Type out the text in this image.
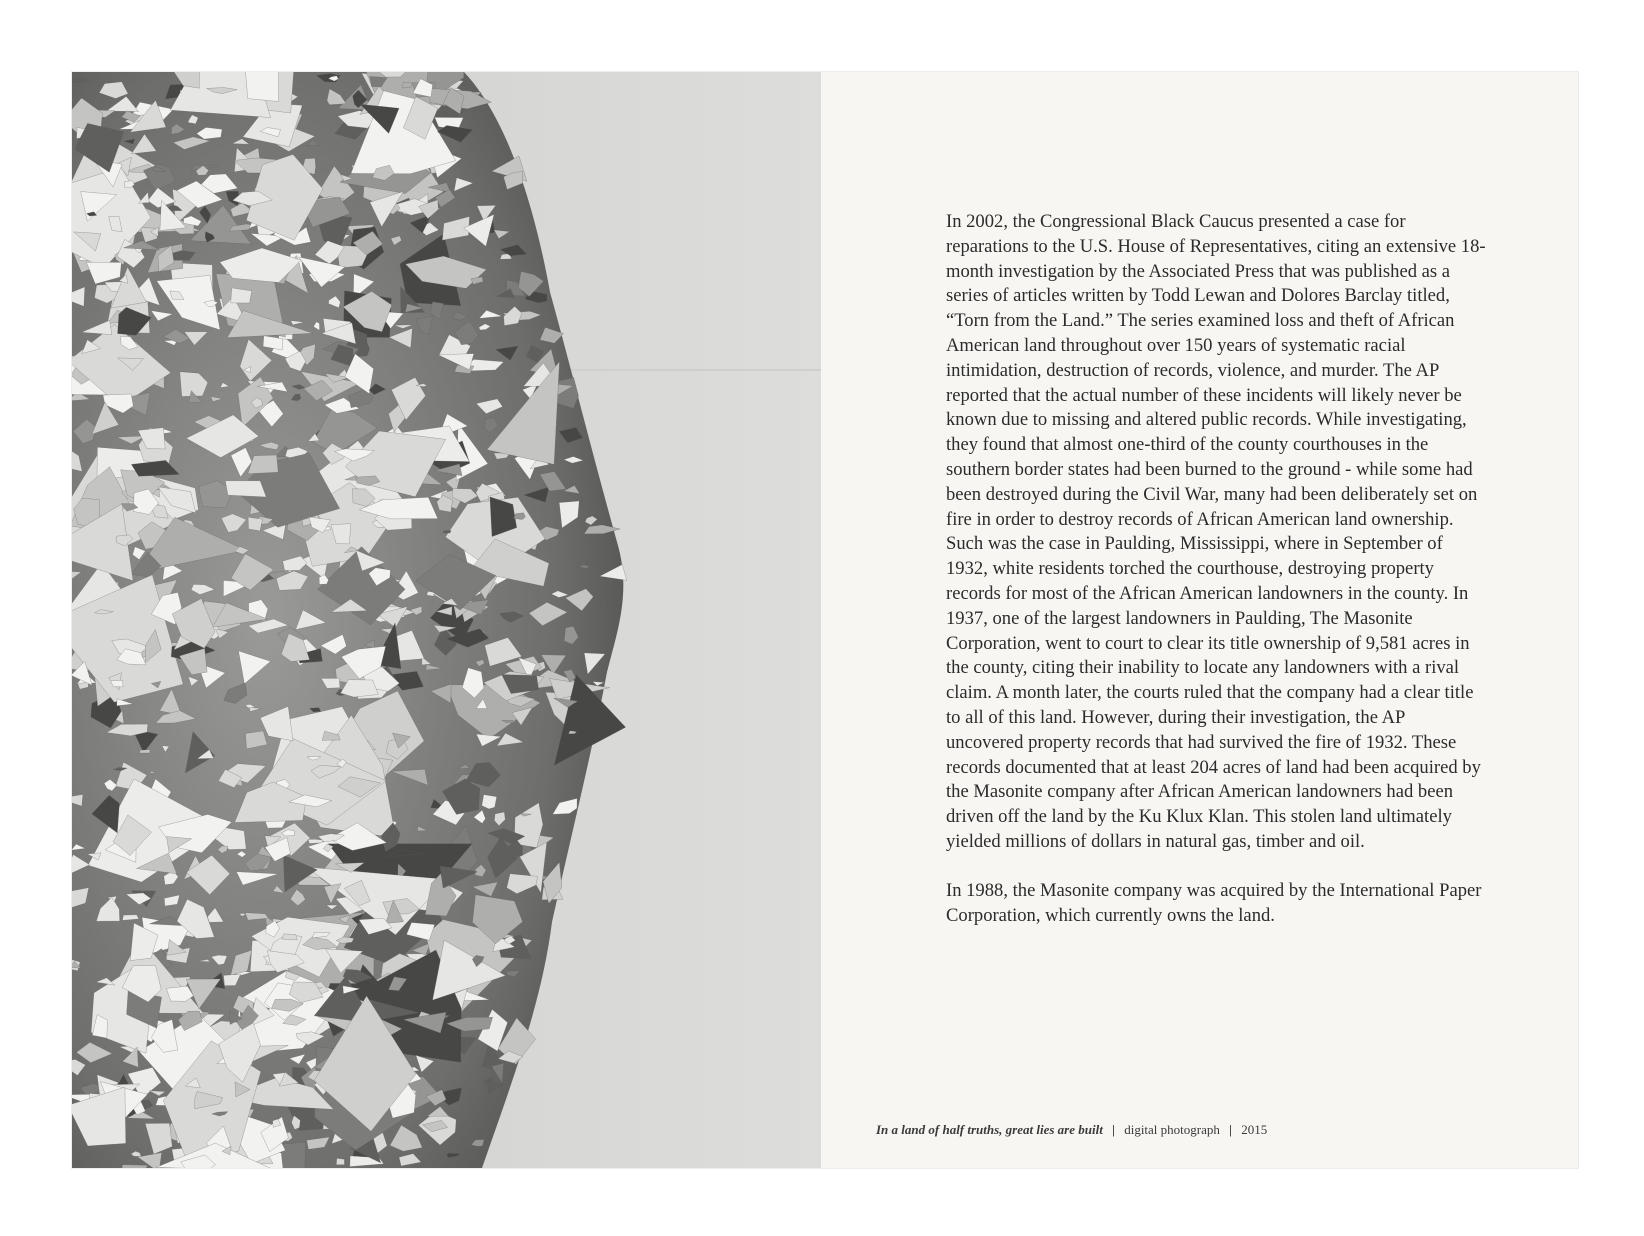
In 2002, the Congressional Black Caucus presented a case for reparations to the U.S. House of Representatives, citing an extensive 18-month investigation by the Associated Press that was published as a series of articles written by Todd Lewan and Dolores Barclay titled, “Torn from the Land.” The series examined loss and theft of African American land throughout over 150 years of systematic racial intimidation, destruction of records, violence, and murder. The AP reported that the actual number of these incidents will likely never be known due to missing and altered public records. While investigating, they found that almost one-third of the county courthouses in the southern border states had been burned to the ground - while some had been destroyed during the Civil War, many had been deliberately set on fire in order to destroy records of African American land ownership. Such was the case in Paulding, Mississippi, where in September of 1932, white residents torched the courthouse, destroying property records for most of the African American landowners in the county. In 1937, one of the largest landowners in Paulding, The Masonite Corporation, went to court to clear its title ownership of 9,581 acres in the county, citing their inability to locate any landowners with a rival claim. A month later, the courts ruled that the company had a clear title to all of this land. However, during their investigation, the AP uncovered property records that had survived the fire of 1932. These records documented that at least 204 acres of land had been acquired by the Masonite company after African American landowners had been driven off the land by the Ku Klux Klan. This stolen land ultimately yielded millions of dollars in natural gas, timber and oil.

In 1988, the Masonite company was acquired by the International Paper Corporation, which currently owns the land.

In a land of half truths, great lies are built | digital photograph | 2015
